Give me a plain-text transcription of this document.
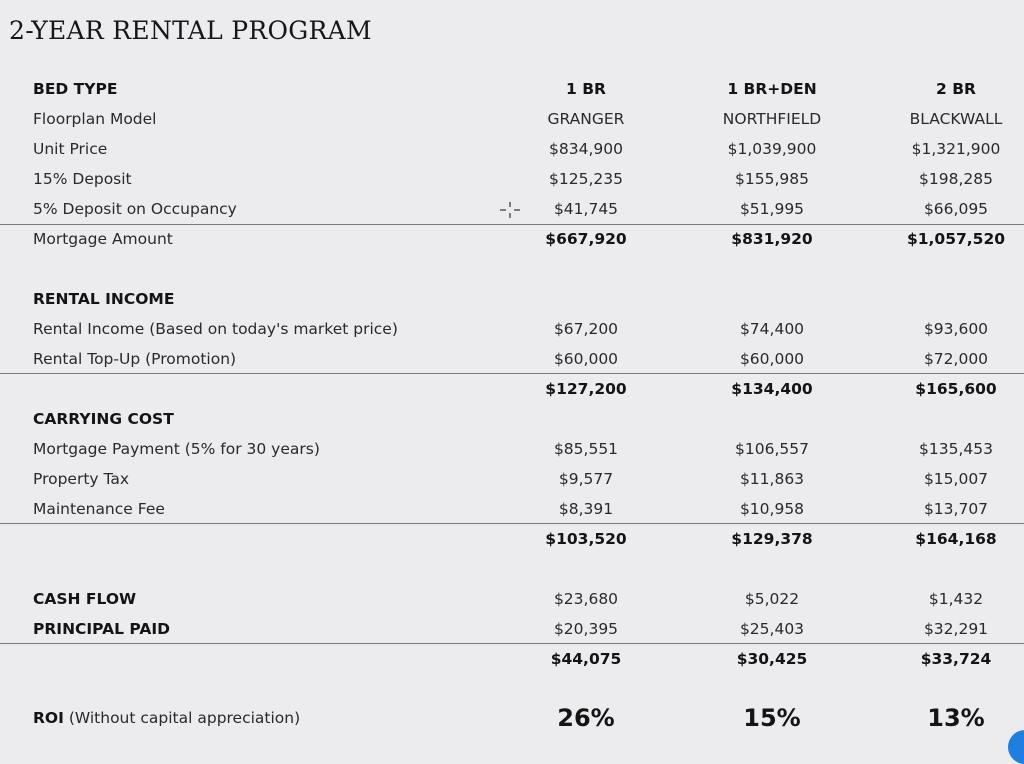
2-YEAR RENTAL PROGRAM
BED TYPE	1 BR	1 BR+DEN	2 BR
Floorplan Model	GRANGER	NORTHFIELD	BLACKWALL
Unit Price	$834,900	$1,039,900	$1,321,900
15% Deposit	$125,235	$155,985	$198,285
5% Deposit on Occupancy	$41,745	$51,995	$66,095
Mortgage Amount	$667,920	$831,920	$1,057,520
RENTAL INCOME
Rental Income (Based on today's market price)	$67,200	$74,400	$93,600
Rental Top-Up (Promotion)	$60,000	$60,000	$72,000
$127,200	$134,400	$165,600
CARRYING COST
Mortgage Payment (5% for 30 years)	$85,551	$106,557	$135,453
Property Tax	$9,577	$11,863	$15,007
Maintenance Fee	$8,391	$10,958	$13,707
$103,520	$129,378	$164,168
CASH FLOW	$23,680	$5,022	$1,432
PRINCIPAL PAID	$20,395	$25,403	$32,291
$44,075	$30,425	$33,724
ROI (Without capital appreciation)	26%	15%	13%
